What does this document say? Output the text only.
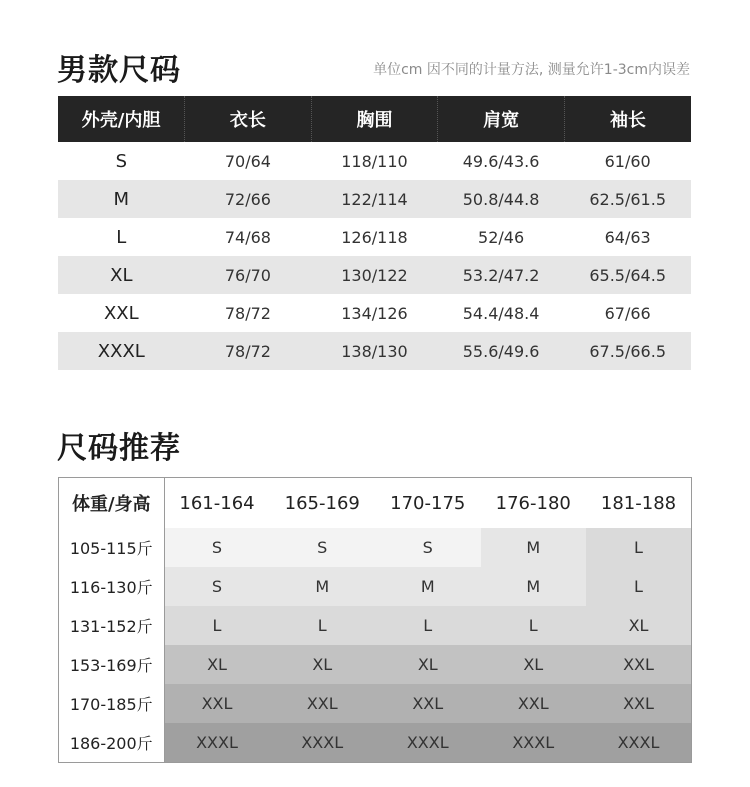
男款尺码	单位cm 因不同的计量方法, 测量允许1-3cm内误差
外壳/内胆	衣长	胸围	肩宽	袖长
S	70/64	118/110	49.6/43.6	61/60
M	72/66	122/114	50.8/44.8	62.5/61.5
L	74/68	126/118	52/46	64/63
XL	76/70	130/122	53.2/47.2	65.5/64.5
XXL	78/72	134/126	54.4/48.4	67/66
XXXL	78/72	138/130	55.6/49.6	67.5/66.5
尺码推荐
体重/身高	161-164	165-169	170-175	176-180	181-188
105-115斤	S	S	S	M	L
116-130斤	S	M	M	M	L
131-152斤	L	L	L	L	XL
153-169斤	XL	XL	XL	XL	XXL
170-185斤	XXL	XXL	XXL	XXL	XXL
186-200斤	XXXL	XXXL	XXXL	XXXL	XXXL
